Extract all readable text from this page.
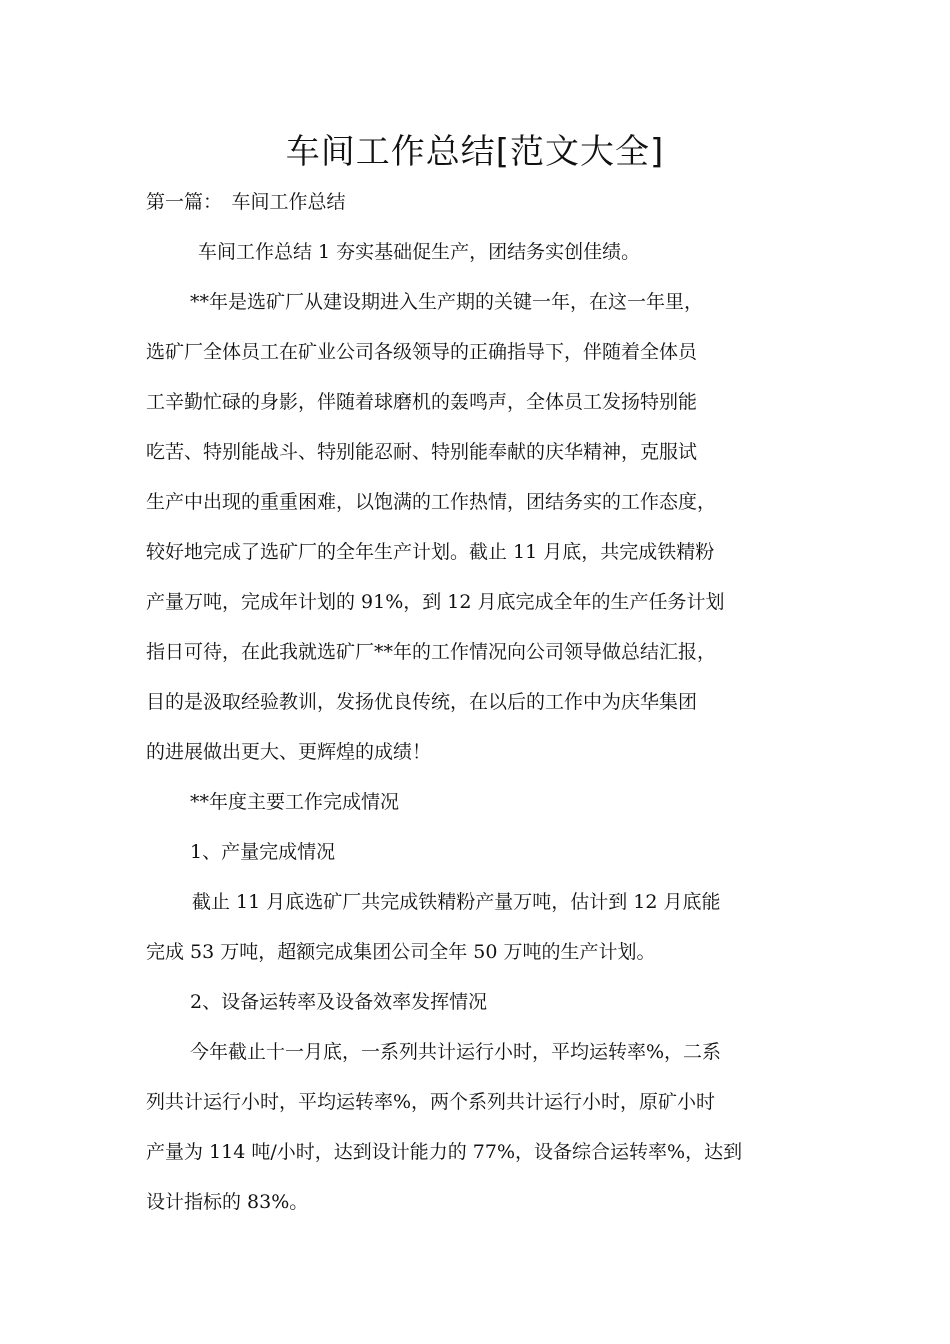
车间工作总结[范文大全]
第一篇：　车间工作总结
车间工作总结 1 夯实基础促生产，团结务实创佳绩。
**年是选矿厂从建设期进入生产期的关键一年，在这一年里，
选矿厂全体员工在矿业公司各级领导的正确指导下，伴随着全体员
工辛勤忙碌的身影，伴随着球磨机的轰鸣声，全体员工发扬特别能
吃苦、特别能战斗、特别能忍耐、特别能奉献的庆华精神，克服试
生产中出现的重重困难，以饱满的工作热情，团结务实的工作态度，
较好地完成了选矿厂的全年生产计划。截止 11 月底，共完成铁精粉
产量万吨，完成年计划的 91%，到 12 月底完成全年的生产任务计划
指日可待，在此我就选矿厂**年的工作情况向公司领导做总结汇报，
目的是汲取经验教训，发扬优良传统，在以后的工作中为庆华集团
的进展做出更大、更辉煌的成绩！
**年度主要工作完成情况
1、产量完成情况
截止 11 月底选矿厂共完成铁精粉产量万吨，估计到 12 月底能
完成 53 万吨，超额完成集团公司全年 50 万吨的生产计划。
2、设备运转率及设备效率发挥情况
今年截止十一月底，一系列共计运行小时，平均运转率%，二系
列共计运行小时，平均运转率%，两个系列共计运行小时，原矿小时
产量为 114 吨/小时，达到设计能力的 77%，设备综合运转率%，达到
设计指标的 83%。
